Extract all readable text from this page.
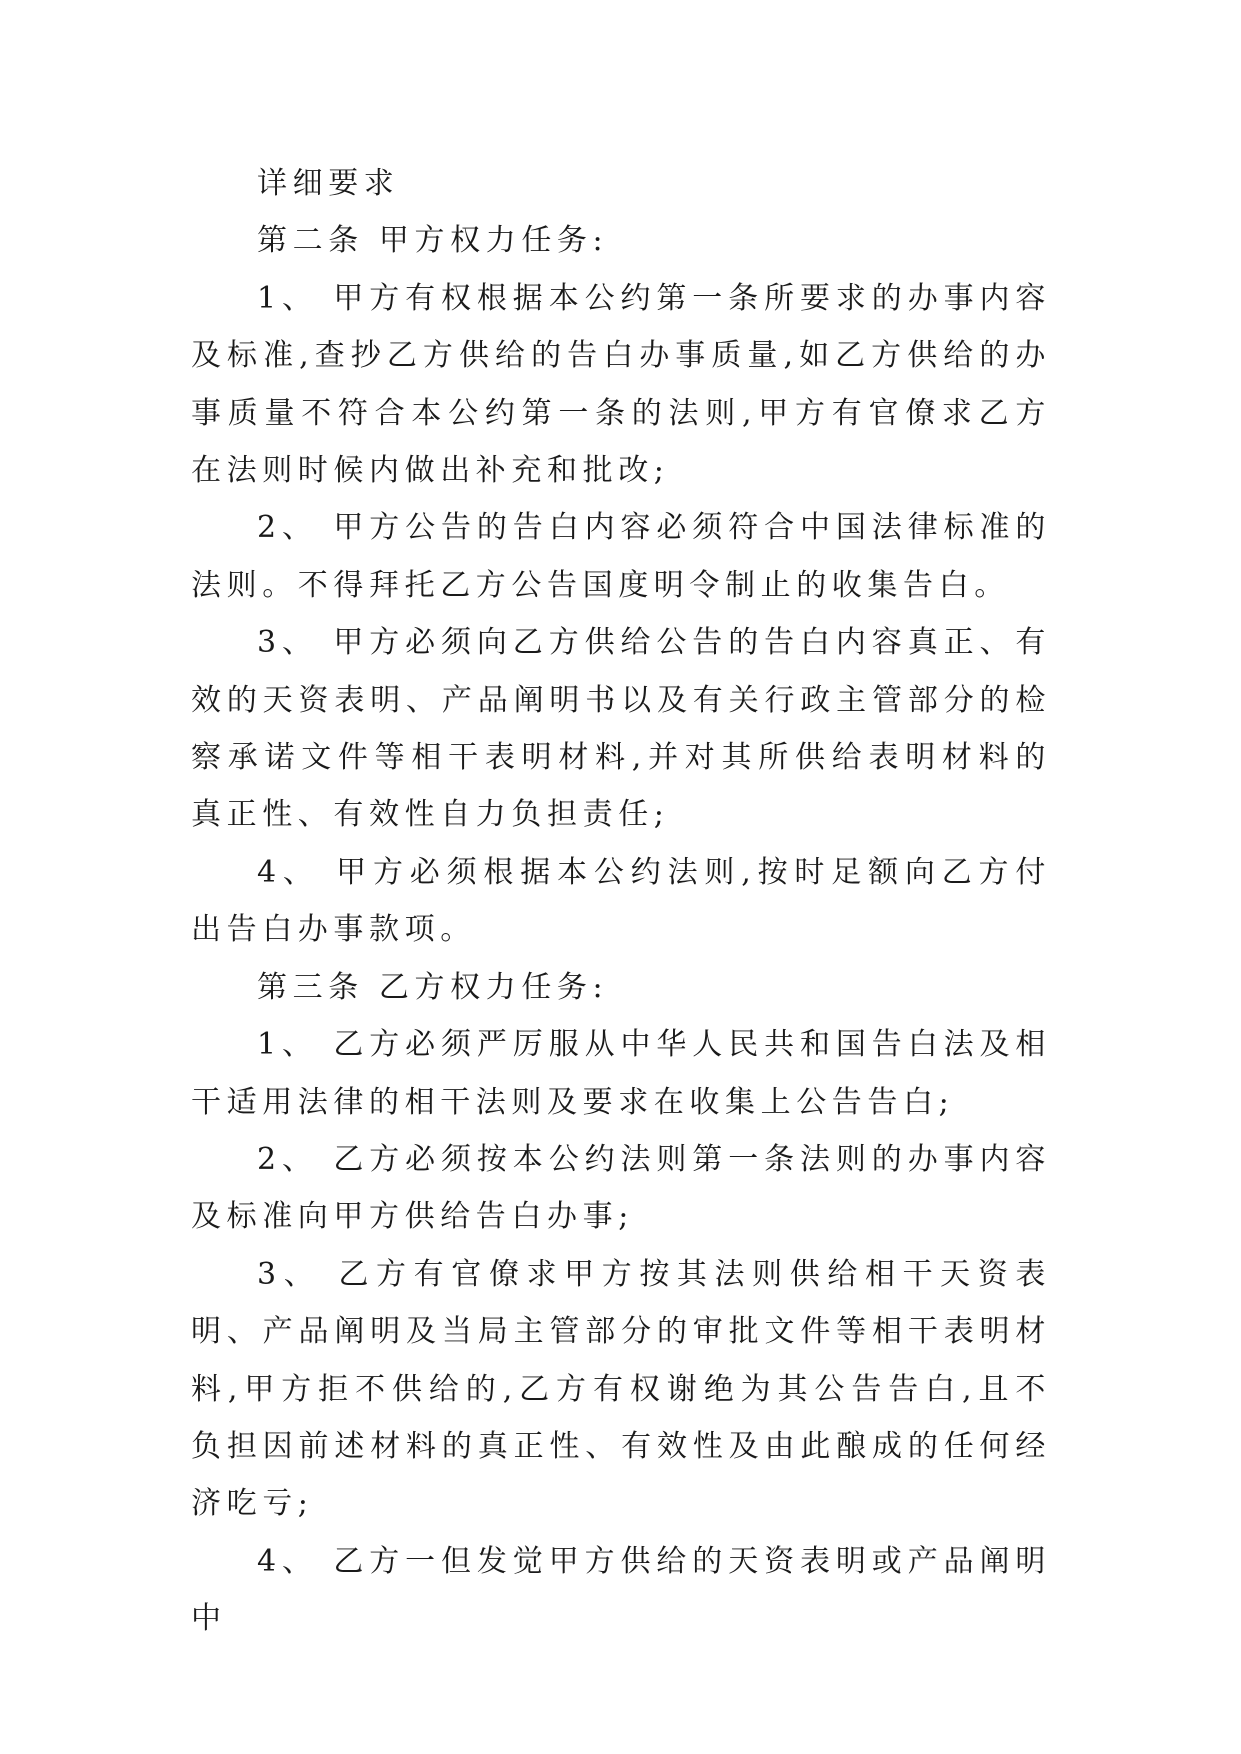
详细要求

第二条 甲方权力任务:

1、 甲方有权根据本公约第一条所要求的办事内容及标准,查抄乙方供给的告白办事质量,如乙方供给的办事质量不符合本公约第一条的法则,甲方有官僚求乙方在法则时候内做出补充和批改;

2、 甲方公告的告白内容必须符合中国法律标准的法则。不得拜托乙方公告国度明令制止的收集告白。

3、 甲方必须向乙方供给公告的告白内容真正、有效的天资表明、产品阐明书以及有关行政主管部分的检察承诺文件等相干表明材料,并对其所供给表明材料的真正性、有效性自力负担责任;

4、 甲方必须根据本公约法则,按时足额向乙方付出告白办事款项。

第三条 乙方权力任务:

1、 乙方必须严厉服从中华人民共和国告白法及相干适用法律的相干法则及要求在收集上公告告白;

2、 乙方必须按本公约法则第一条法则的办事内容及标准向甲方供给告白办事;

3、 乙方有官僚求甲方按其法则供给相干天资表明、产品阐明及当局主管部分的审批文件等相干表明材料,甲方拒不供给的,乙方有权谢绝为其公告告白,且不负担因前述材料的真正性、有效性及由此酿成的任何经济吃亏;

4、 乙方一但发觉甲方供给的天资表明或产品阐明中
